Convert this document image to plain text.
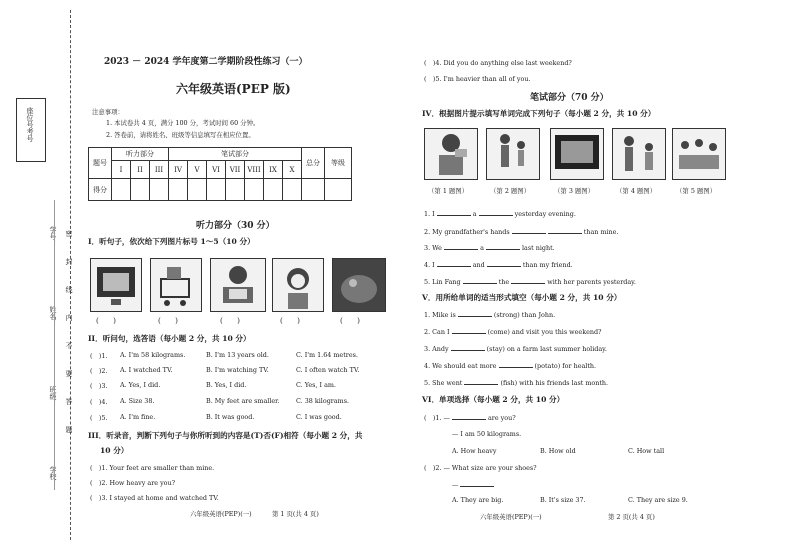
座位号考号
学号：
姓名：
班级：
学校：
密
封
线
内
不
要
答
题
2023 － 2024 学年度第二学期阶段性练习（一）
六年级英语(PEP 版)
注意事项：
1. 本试卷共 4 页，满分 100 分，考试时间 60 分钟。
2. 答卷前，请将姓名、班级等信息填写在相应位置。
题号	听力部分			笔试部分							总分	等级
	I	II	III	IV	V	VI	VII	VIII	IX	X		
得分												
听力部分（30 分）
I．听句子，依次给下列图片标号 1～5（10 分）
(　　)	(　　)	(　　)	(　　)	(　　)
II．听问句，选答语（每小题 2 分，共 10 分）
(　)1. A. I'm 58 kilograms.	B. I'm 13 years old.	C. I'm 1.64 metres.
(　)2. A. I watched TV.	B. I'm watching TV.	C. I often watch TV.
(　)3. A. Yes, I did.	B. Yes, I did.	C. Yes, I am.
(　)4. A. Size 38.	B. My feet are smaller.	C. 38 kilograms.
(　)5. A. I'm fine.	B. It was good.	C. I was good.
III．听录音，判断下列句子与你所听到的内容是(T)否(F)相符（每小题 2 分，共
10 分）
(　)1. Your feet are smaller than mine.
(　)2. How heavy are you?
(　)3. I stayed at home and watched TV.
六年级英语(PEP)(一)	第 1 页(共 4 页)
(　)4. Did you do anything else last weekend?
(　)5. I'm heavier than all of you.
笔试部分（70 分）
IV．根据图片提示填写单词完成下列句子（每小题 2 分，共 10 分）
（第 1 题图）	（第 2 题图）	（第 3 题图）	（第 4 题图）	（第 5 题图）
1. I	a	yesterday evening.
2. My grandfather's hands	than mine.
3. We	a	last night.
4. I	and	than my friend.
5. Lin Fang	the	with her parents yesterday.
V．用所给单词的适当形式填空（每小题 2 分，共 10 分）
1. Mike is	(strong) than John.
2. Can I	(come) and visit you this weekend?
3. Andy	(stay) on a farm last summer holiday.
4. We should eat more	(potato) for health.
5. She went	(fish) with his friends last month.
VI．单项选择（每小题 2 分，共 10 分）
(　)1. —	are you?
— I am 50 kilograms.
A. How heavy	B. How old	C. How tall
(　)2. — What size are your shoes?
—
A. They are big.	B. It's size 37.	C. They are size 9.
六年级英语(PEP)(一)	第 2 页(共 4 页)
